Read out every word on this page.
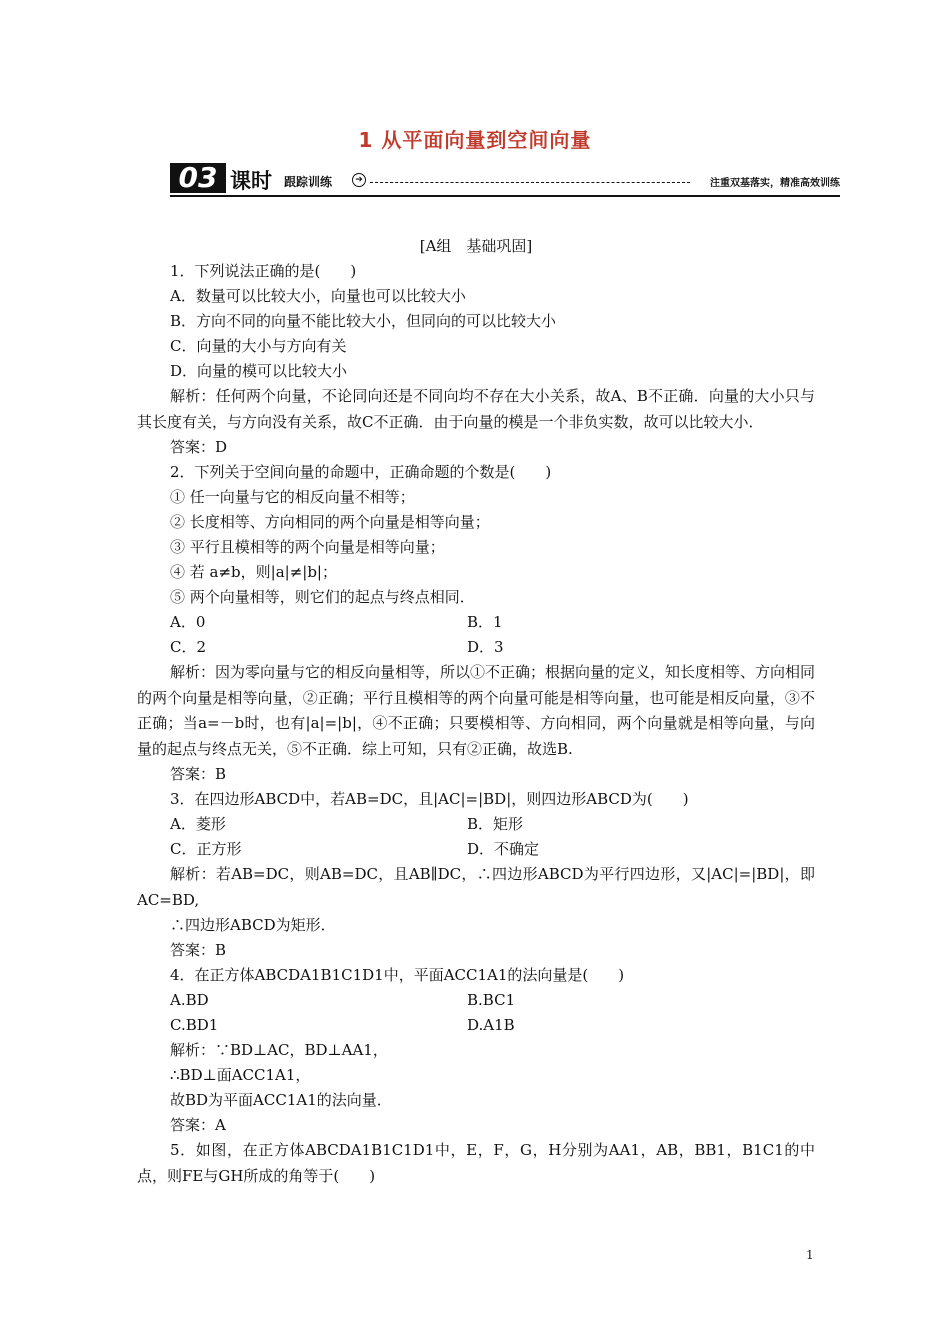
1 从平面向量到空间向量
03 课时 跟踪训练	➔	注重双基落实，精准高效训练
[A组　基础巩固]
1．下列说法正确的是(　　)
A．数量可以比较大小，向量也可以比较大小
B．方向不同的向量不能比较大小，但同向的可以比较大小
C．向量的大小与方向有关
D．向量的模可以比较大小
解析：任何两个向量，不论同向还是不同向均不存在大小关系，故A、B不正确．向量的大小只与其长度有关，与方向没有关系，故C不正确．由于向量的模是一个非负实数，故可以比较大小．
答案：D
2．下列关于空间向量的命题中，正确命题的个数是(　　)
① 任一向量与它的相反向量不相等；
② 长度相等、方向相同的两个向量是相等向量；
③ 平行且模相等的两个向量是相等向量；
④ 若 a≠b，则|a|≠|b|；
⑤ 两个向量相等，则它们的起点与终点相同．
A．0	B．1
C．2	D．3
解析：因为零向量与它的相反向量相等，所以①不正确；根据向量的定义，知长度相等、方向相同的两个向量是相等向量，②正确；平行且模相等的两个向量可能是相等向量，也可能是相反向量，③不正确；当a=－b时，也有|a|=|b|，④不正确；只要模相等、方向相同，两个向量就是相等向量，与向量的起点与终点无关，⑤不正确．综上可知，只有②正确，故选B.
答案：B
3．在四边形ABCD中，若AB=DC，且|AC|=|BD|，则四边形ABCD为(　　)
A．菱形	B．矩形
C．正方形	D．不确定
解析：若AB=DC，则AB=DC，且AB∥DC，∴四边形ABCD为平行四边形，又|AC|=|BD|，即AC=BD,
∴四边形ABCD为矩形．
答案：B
4．在正方体ABCDA1B1C1D1中，平面ACC1A1的法向量是(　　)
A.BD	B.BC1
C.BD1	D.A1B
解析：∵BD⊥AC，BD⊥AA1，
∴BD⊥面ACC1A1，
故BD为平面ACC1A1的法向量．
答案：A
5．如图，在正方体ABCDA1B1C1D1中，E，F，G，H分别为AA1，AB，BB1，B1C1的中点，则FE与GH所成的角等于(　　)
1
